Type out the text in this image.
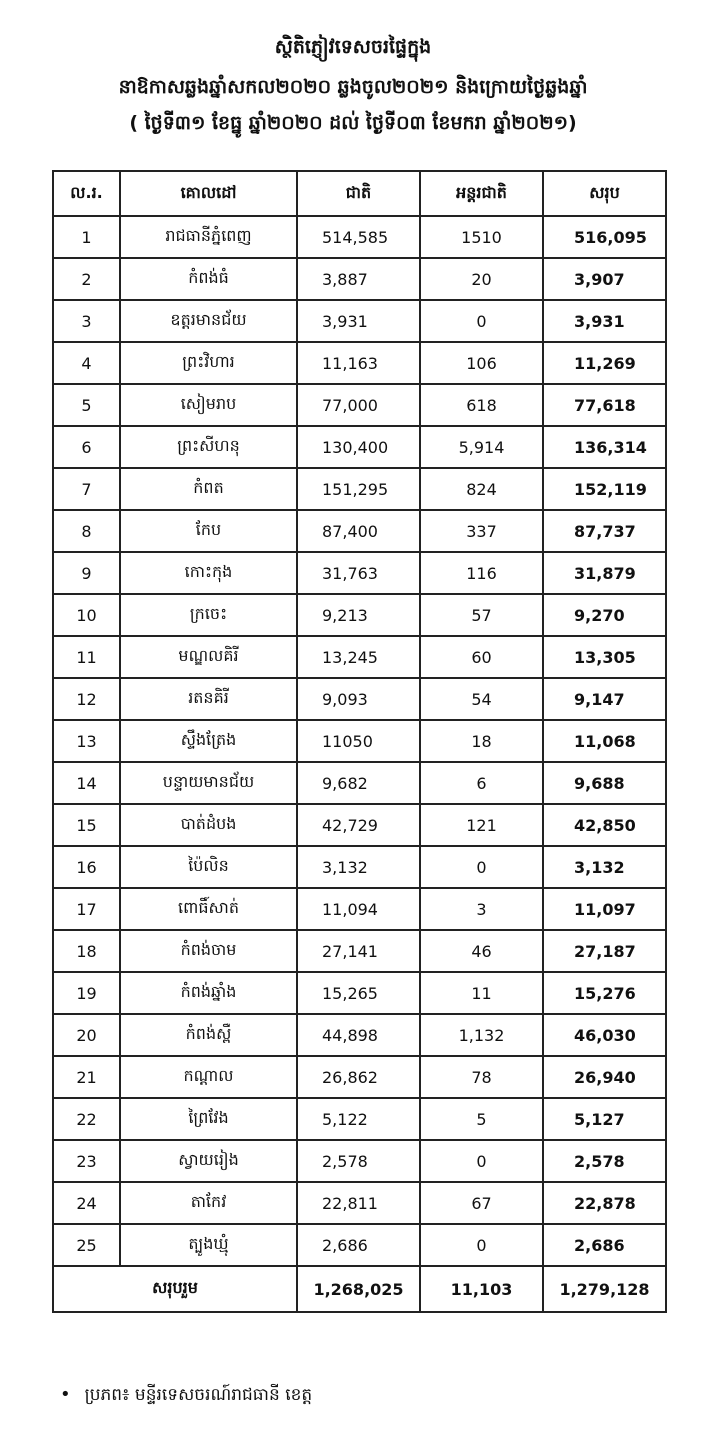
ស្ថិតិភ្ញៀវទេសចរផ្ទៃក្នុង
នាឱកាសឆ្លងឆ្នាំសកល២០២០ ឆ្លងចូល២០២១ និងក្រោយថ្ងៃឆ្លងឆ្នាំ
( ថ្ងៃទី៣១ ខែធ្នូ ឆ្នាំ២០២០ ដល់ ថ្ងៃទី០៣ ខែមករា ឆ្នាំ២០២១)
ល.រ.	គោលដៅ	ជាតិ	អន្តរជាតិ	សរុប
1	រាជធានីភ្នំពេញ	514,585	1510	516,095
2	កំពង់ធំ	3,887	20	3,907
3	ឧត្តរមានជ័យ	3,931	0	3,931
4	ព្រះវិហារ	11,163	106	11,269
5	សៀមរាប	77,000	618	77,618
6	ព្រះសីហនុ	130,400	5,914	136,314
7	កំពត	151,295	824	152,119
8	កែប	87,400	337	87,737
9	កោះកុង	31,763	116	31,879
10	ក្រចេះ	9,213	57	9,270
11	មណ្ឌលគិរី	13,245	60	13,305
12	រតនគិរី	9,093	54	9,147
13	ស្ទឹងត្រែង	11050	18	11,068
14	បន្ទាយមានជ័យ	9,682	6	9,688
15	បាត់ដំបង	42,729	121	42,850
16	ប៉ៃលិន	3,132	0	3,132
17	ពោធិ៍សាត់	11,094	3	11,097
18	កំពង់ចាម	27,141	46	27,187
19	កំពង់ឆ្នាំង	15,265	11	15,276
20	កំពង់ស្ពឺ	44,898	1,132	46,030
21	កណ្ដាល	26,862	78	26,940
22	ព្រៃវែង	5,122	5	5,127
23	ស្វាយរៀង	2,578	0	2,578
24	តាកែវ	22,811	67	22,878
25	ត្បូងឃ្មុំ	2,686	0	2,686
សរុបរួម		1,268,025	11,103	1,279,128
• ប្រភព៖ មន្ទីរទេសចរណ៍រាជធានី ខេត្ត
